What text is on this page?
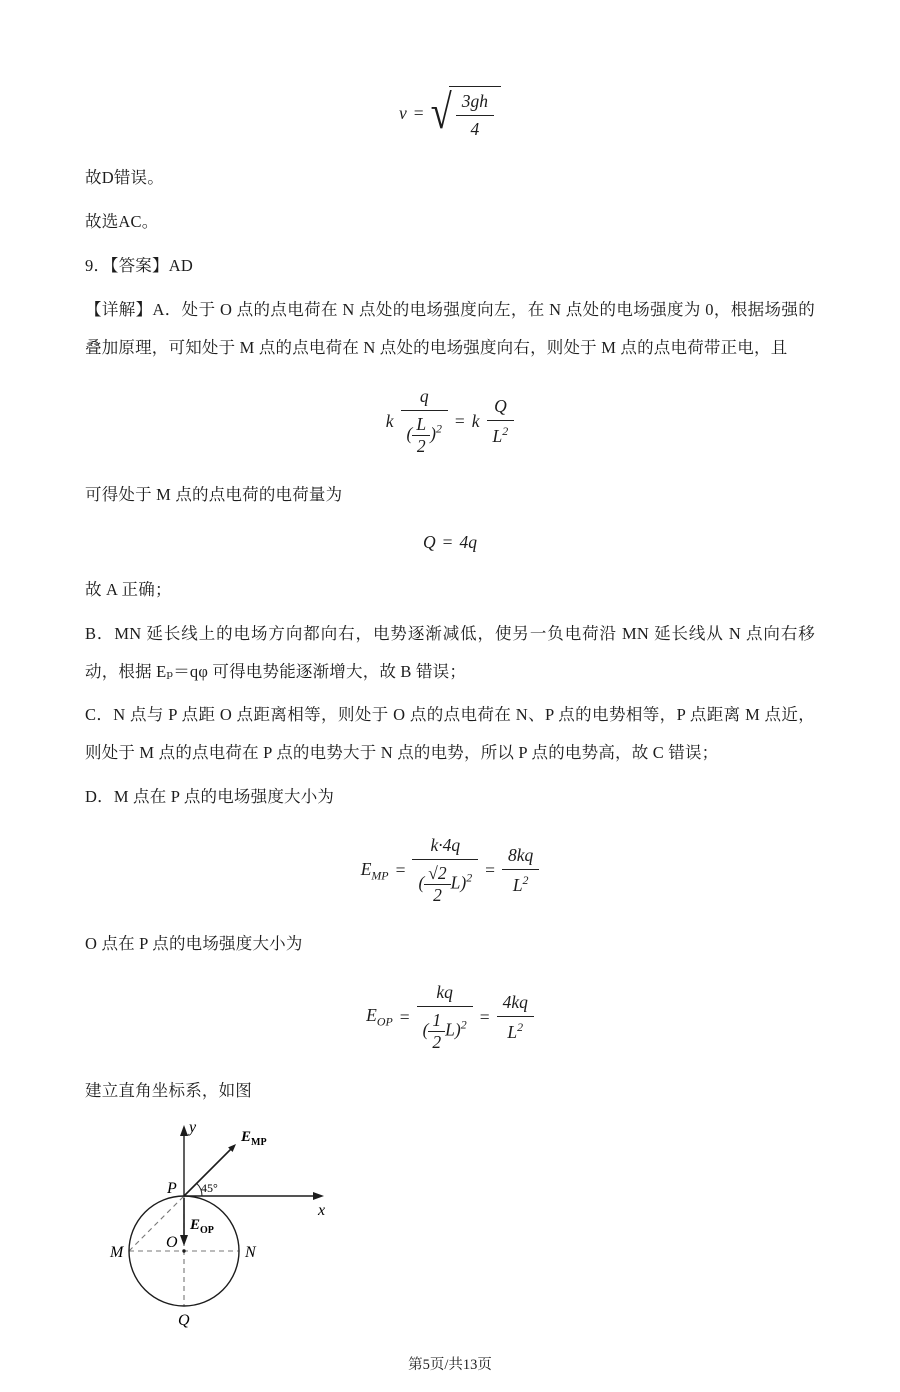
v = √ $\frac{3gh}{4}$

故D错误。

故选AC。

9．【答案】AD

【详解】A．处于 O 点的点电荷在 N 点处的电场强度向左，在 N 点处的电场强度为 0，根据场强的叠加原理，可知处于 M 点的点电荷在 N 点处的电场强度向右，则处于 M 点的点电荷带正电，且

k $\frac{q}{( \frac{L}{2} )^2} = k \frac{Q}{L^2}$

可得处于 M 点的点电荷的电荷量为

Q = 4q

故 A 正确；

B．MN 延长线上的电场方向都向右，电势逐渐减低，使另一负电荷沿 MN 延长线从 N 点向右移动，根据 Eₚ＝qφ 可得电势能逐渐增大，故 B 错误；

C．N 点与 P 点距 O 点距离相等，则处于 O 点的点电荷在 N、P 点的电势相等，P 点距离 M 点近，则处于 M 点的点电荷在 P 点的电势大于 N 点的电势，所以 P 点的电势高，故 C 错误；

D．M 点在 P 点的电场强度大小为

$E_{MP} = \frac{k\cdot 4q}{( \frac{√2}{2} L)^2} = \frac{8kq}{L^2}$

O 点在 P 点的电场强度大小为

$E_{OP} = \frac{kq}{( \frac{1}{2} L)^2} = \frac{4kq}{L^2}$

建立直角坐标系，如图

y
x
P 45°
$E_{MP}$
$E_{OP}$
O
M	N
Q
第5页/共13页
